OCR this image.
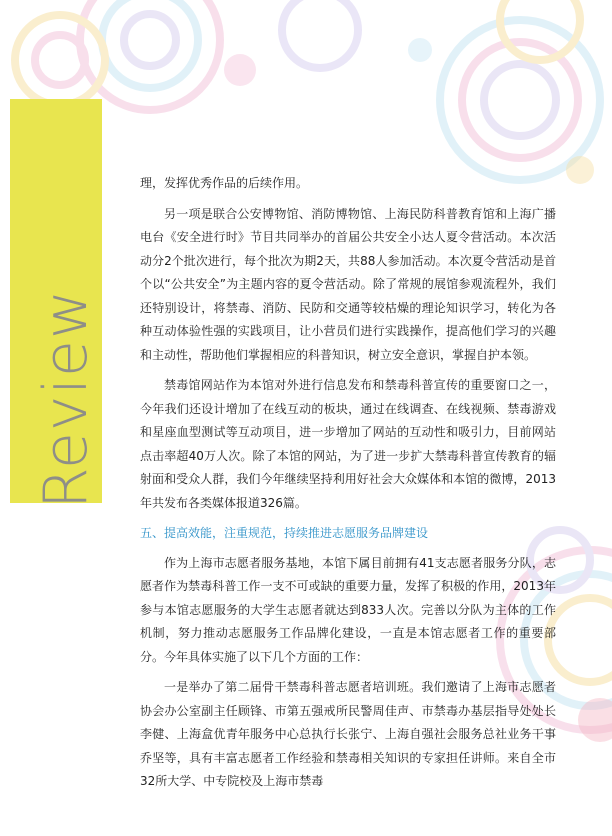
Review

理，发挥优秀作品的后续作用。

另一项是联合公安博物馆、消防博物馆、上海民防科普教育馆和上海广播电台《安全进行时》节目共同举办的首届公共安全小达人夏令营活动。本次活动分2个批次进行，每个批次为期2天，共88人参加活动。本次夏令营活动是首个以“公共安全”为主题内容的夏令营活动。除了常规的展馆参观流程外，我们还特别设计，将禁毒、消防、民防和交通等较枯燥的理论知识学习，转化为各种互动体验性强的实践项目，让小营员们进行实践操作，提高他们学习的兴趣和主动性，帮助他们掌握相应的科普知识，树立安全意识，掌握自护本领。

禁毒馆网站作为本馆对外进行信息发布和禁毒科普宣传的重要窗口之一，今年我们还设计增加了在线互动的板块，通过在线调查、在线视频、禁毒游戏和星座血型测试等互动项目，进一步增加了网站的互动性和吸引力，目前网站点击率超40万人次。除了本馆的网站，为了进一步扩大禁毒科普宣传教育的辐射面和受众人群，我们今年继续坚持利用好社会大众媒体和本馆的微博，2013年共发布各类媒体报道326篇。

五、提高效能，注重规范，持续推进志愿服务品牌建设

作为上海市志愿者服务基地，本馆下属目前拥有41支志愿者服务分队，志愿者作为禁毒科普工作一支不可或缺的重要力量，发挥了积极的作用，2013年参与本馆志愿服务的大学生志愿者就达到833人次。完善以分队为主体的工作机制，努力推动志愿服务工作品牌化建设，一直是本馆志愿者工作的重要部分。今年具体实施了以下几个方面的工作：

一是举办了第二届骨干禁毒科普志愿者培训班。我们邀请了上海市志愿者协会办公室副主任顾锋、市第五强戒所民警周佳声、市禁毒办基层指导处处长李健、上海盒优青年服务中心总执行长张宁、上海自强社会服务总社业务干事乔坚等，具有丰富志愿者工作经验和禁毒相关知识的专家担任讲师。来自全市32所大学、中专院校及上海市禁毒
